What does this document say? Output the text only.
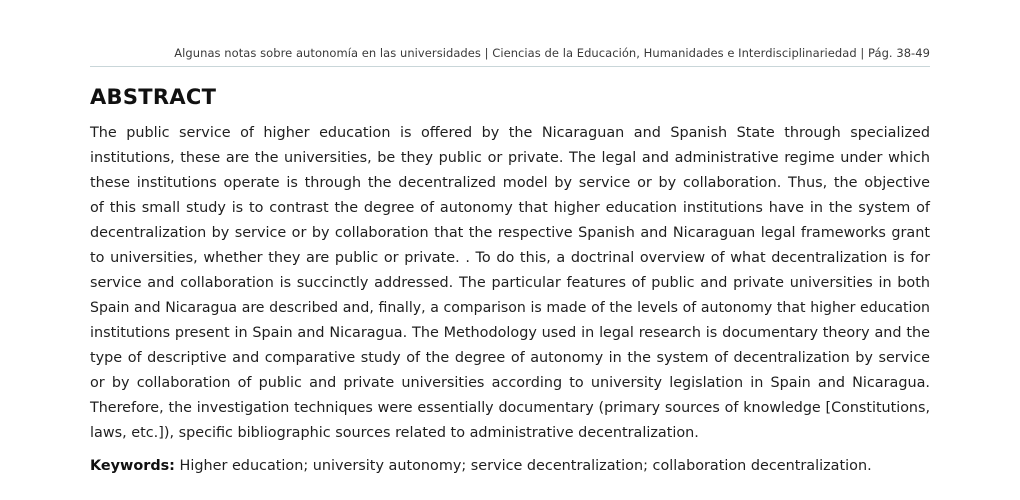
Algunas notas sobre autonomía en las universidades | Ciencias de la Educación, Humanidades e Interdisciplinariedad | Pág. 38-49
ABSTRACT
The public service of higher education is offered by the Nicaraguan and Spanish State through specialized
institutions, these are the universities, be they public or private. The legal and administrative regime under which
these institutions operate is through the decentralized model by service or by collaboration. Thus, the objective
of this small study is to contrast the degree of autonomy that higher education institutions have in the system of
decentralization by service or by collaboration that the respective Spanish and Nicaraguan legal frameworks grant
to universities, whether they are public or private. . To do this, a doctrinal overview of what decentralization is for
service and collaboration is succinctly addressed. The particular features of public and private universities in both
Spain and Nicaragua are described and, finally, a comparison is made of the levels of autonomy that higher education
institutions present in Spain and Nicaragua. The Methodology used in legal research is documentary theory and the
type of descriptive and comparative study of the degree of autonomy in the system of decentralization by service
or by collaboration of public and private universities according to university legislation in Spain and Nicaragua.
Therefore, the investigation techniques were essentially documentary (primary sources of knowledge [Constitutions,
laws, etc.]), specific bibliographic sources related to administrative decentralization.
Keywords: Higher education; university autonomy; service decentralization; collaboration decentralization.
